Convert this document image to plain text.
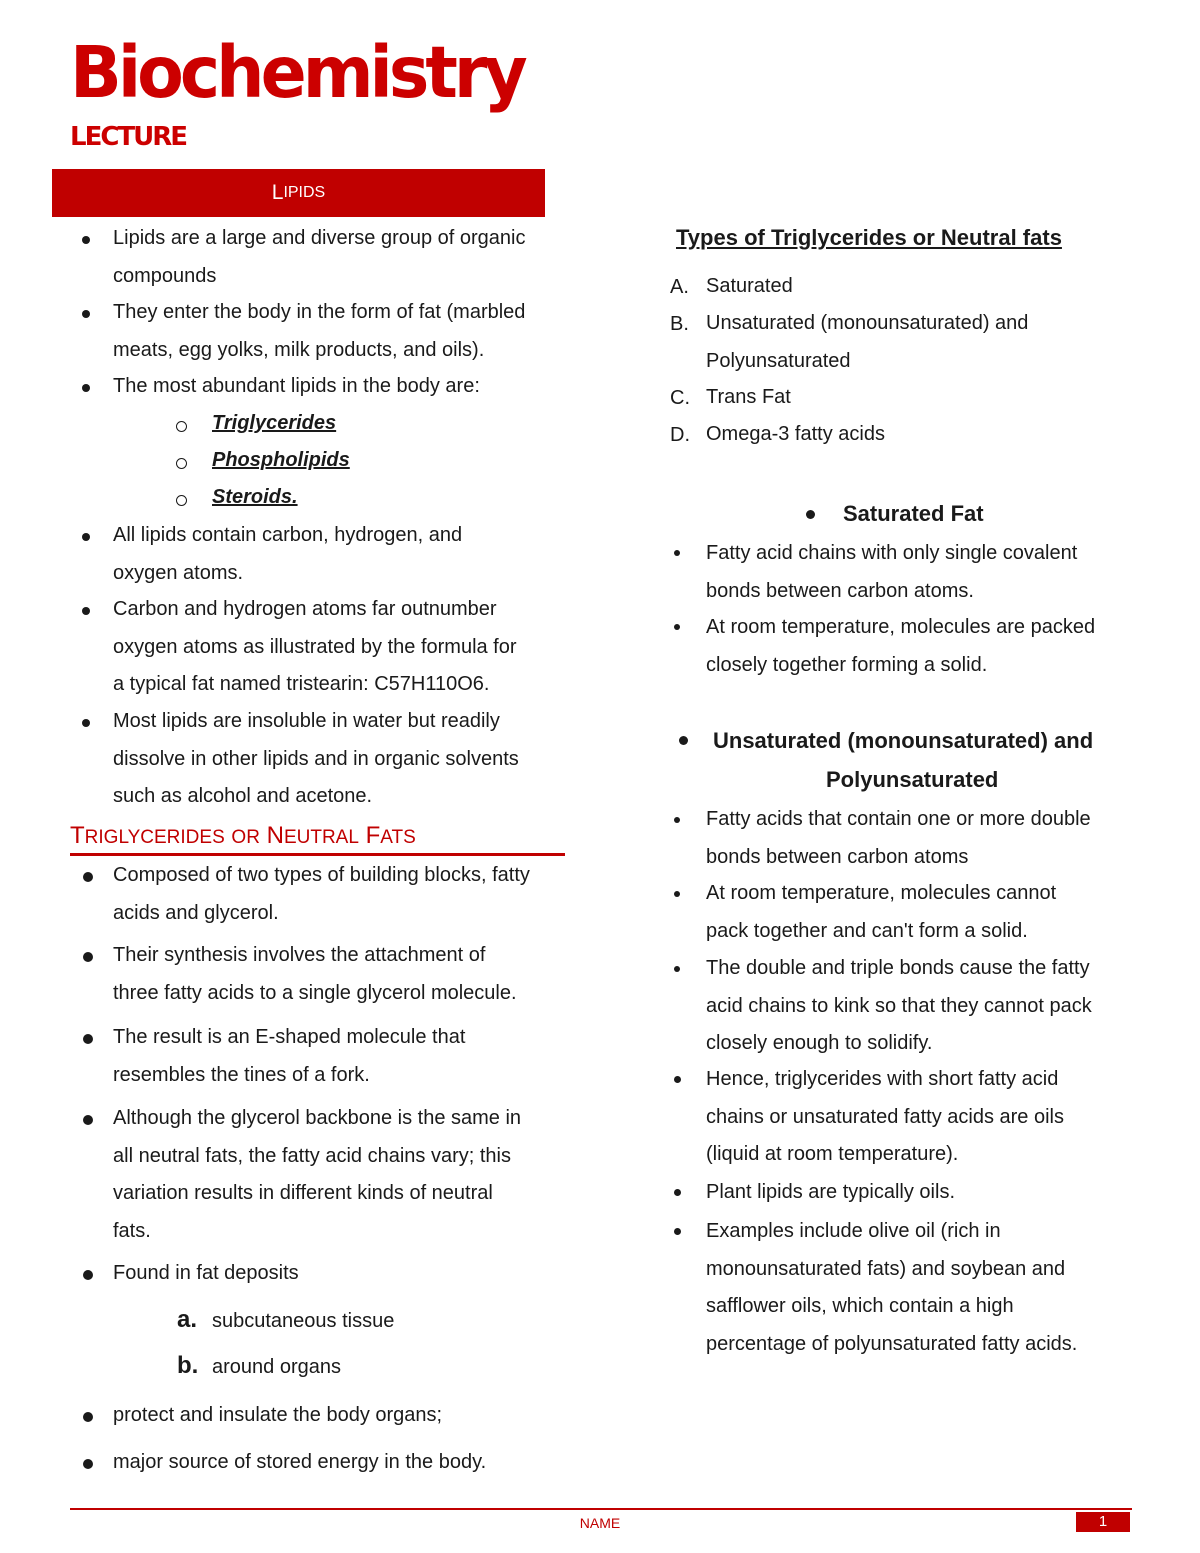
Biochemistry
LECTURE
L IPIDS
Lipids are a large and diverse group of organic
compounds
They enter the body in the form of fat (marbled
meats, egg yolks, milk products, and oils).
The most abundant lipids in the body are:
Triglycerides
Phospholipids
Steroids.
All lipids contain carbon, hydrogen, and
oxygen atoms.
Carbon and hydrogen atoms far outnumber
oxygen atoms as illustrated by the formula for
a typical fat named tristearin: C57H110O6.
Most lipids are insoluble in water but readily
dissolve in other lipids and in organic solvents
such as alcohol and acetone.
TRIGLYCERIDES OR NEUTRAL FATS
Composed of two types of building blocks, fatty
acids and glycerol.
Their synthesis involves the attachment of
three fatty acids to a single glycerol molecule.
The result is an E-shaped molecule that
resembles the tines of a fork.
Although the glycerol backbone is the same in
all neutral fats, the fatty acid chains vary; this
variation results in different kinds of neutral
fats.
Found in fat deposits
a. subcutaneous tissue
b. around organs
protect and insulate the body organs;
major source of stored energy in the body.
Types of Triglycerides or Neutral fats
A. Saturated
B. Unsaturated (monounsaturated) and
Polyunsaturated
C. Trans Fat
D. Omega-3 fatty acids
Saturated Fat
Fatty acid chains with only single covalent
bonds between carbon atoms.
At room temperature, molecules are packed
closely together forming a solid.
Unsaturated (monounsaturated) and
Polyunsaturated
Fatty acids that contain one or more double
bonds between carbon atoms
At room temperature, molecules cannot
pack together and can't form a solid.
The double and triple bonds cause the fatty
acid chains to kink so that they cannot pack
closely enough to solidify.
Hence, triglycerides with short fatty acid
chains or unsaturated fatty acids are oils
(liquid at room temperature).
Plant lipids are typically oils.
Examples include olive oil (rich in
monounsaturated fats) and soybean and
safflower oils, which contain a high
percentage of polyunsaturated fatty acids.
NAME	1
